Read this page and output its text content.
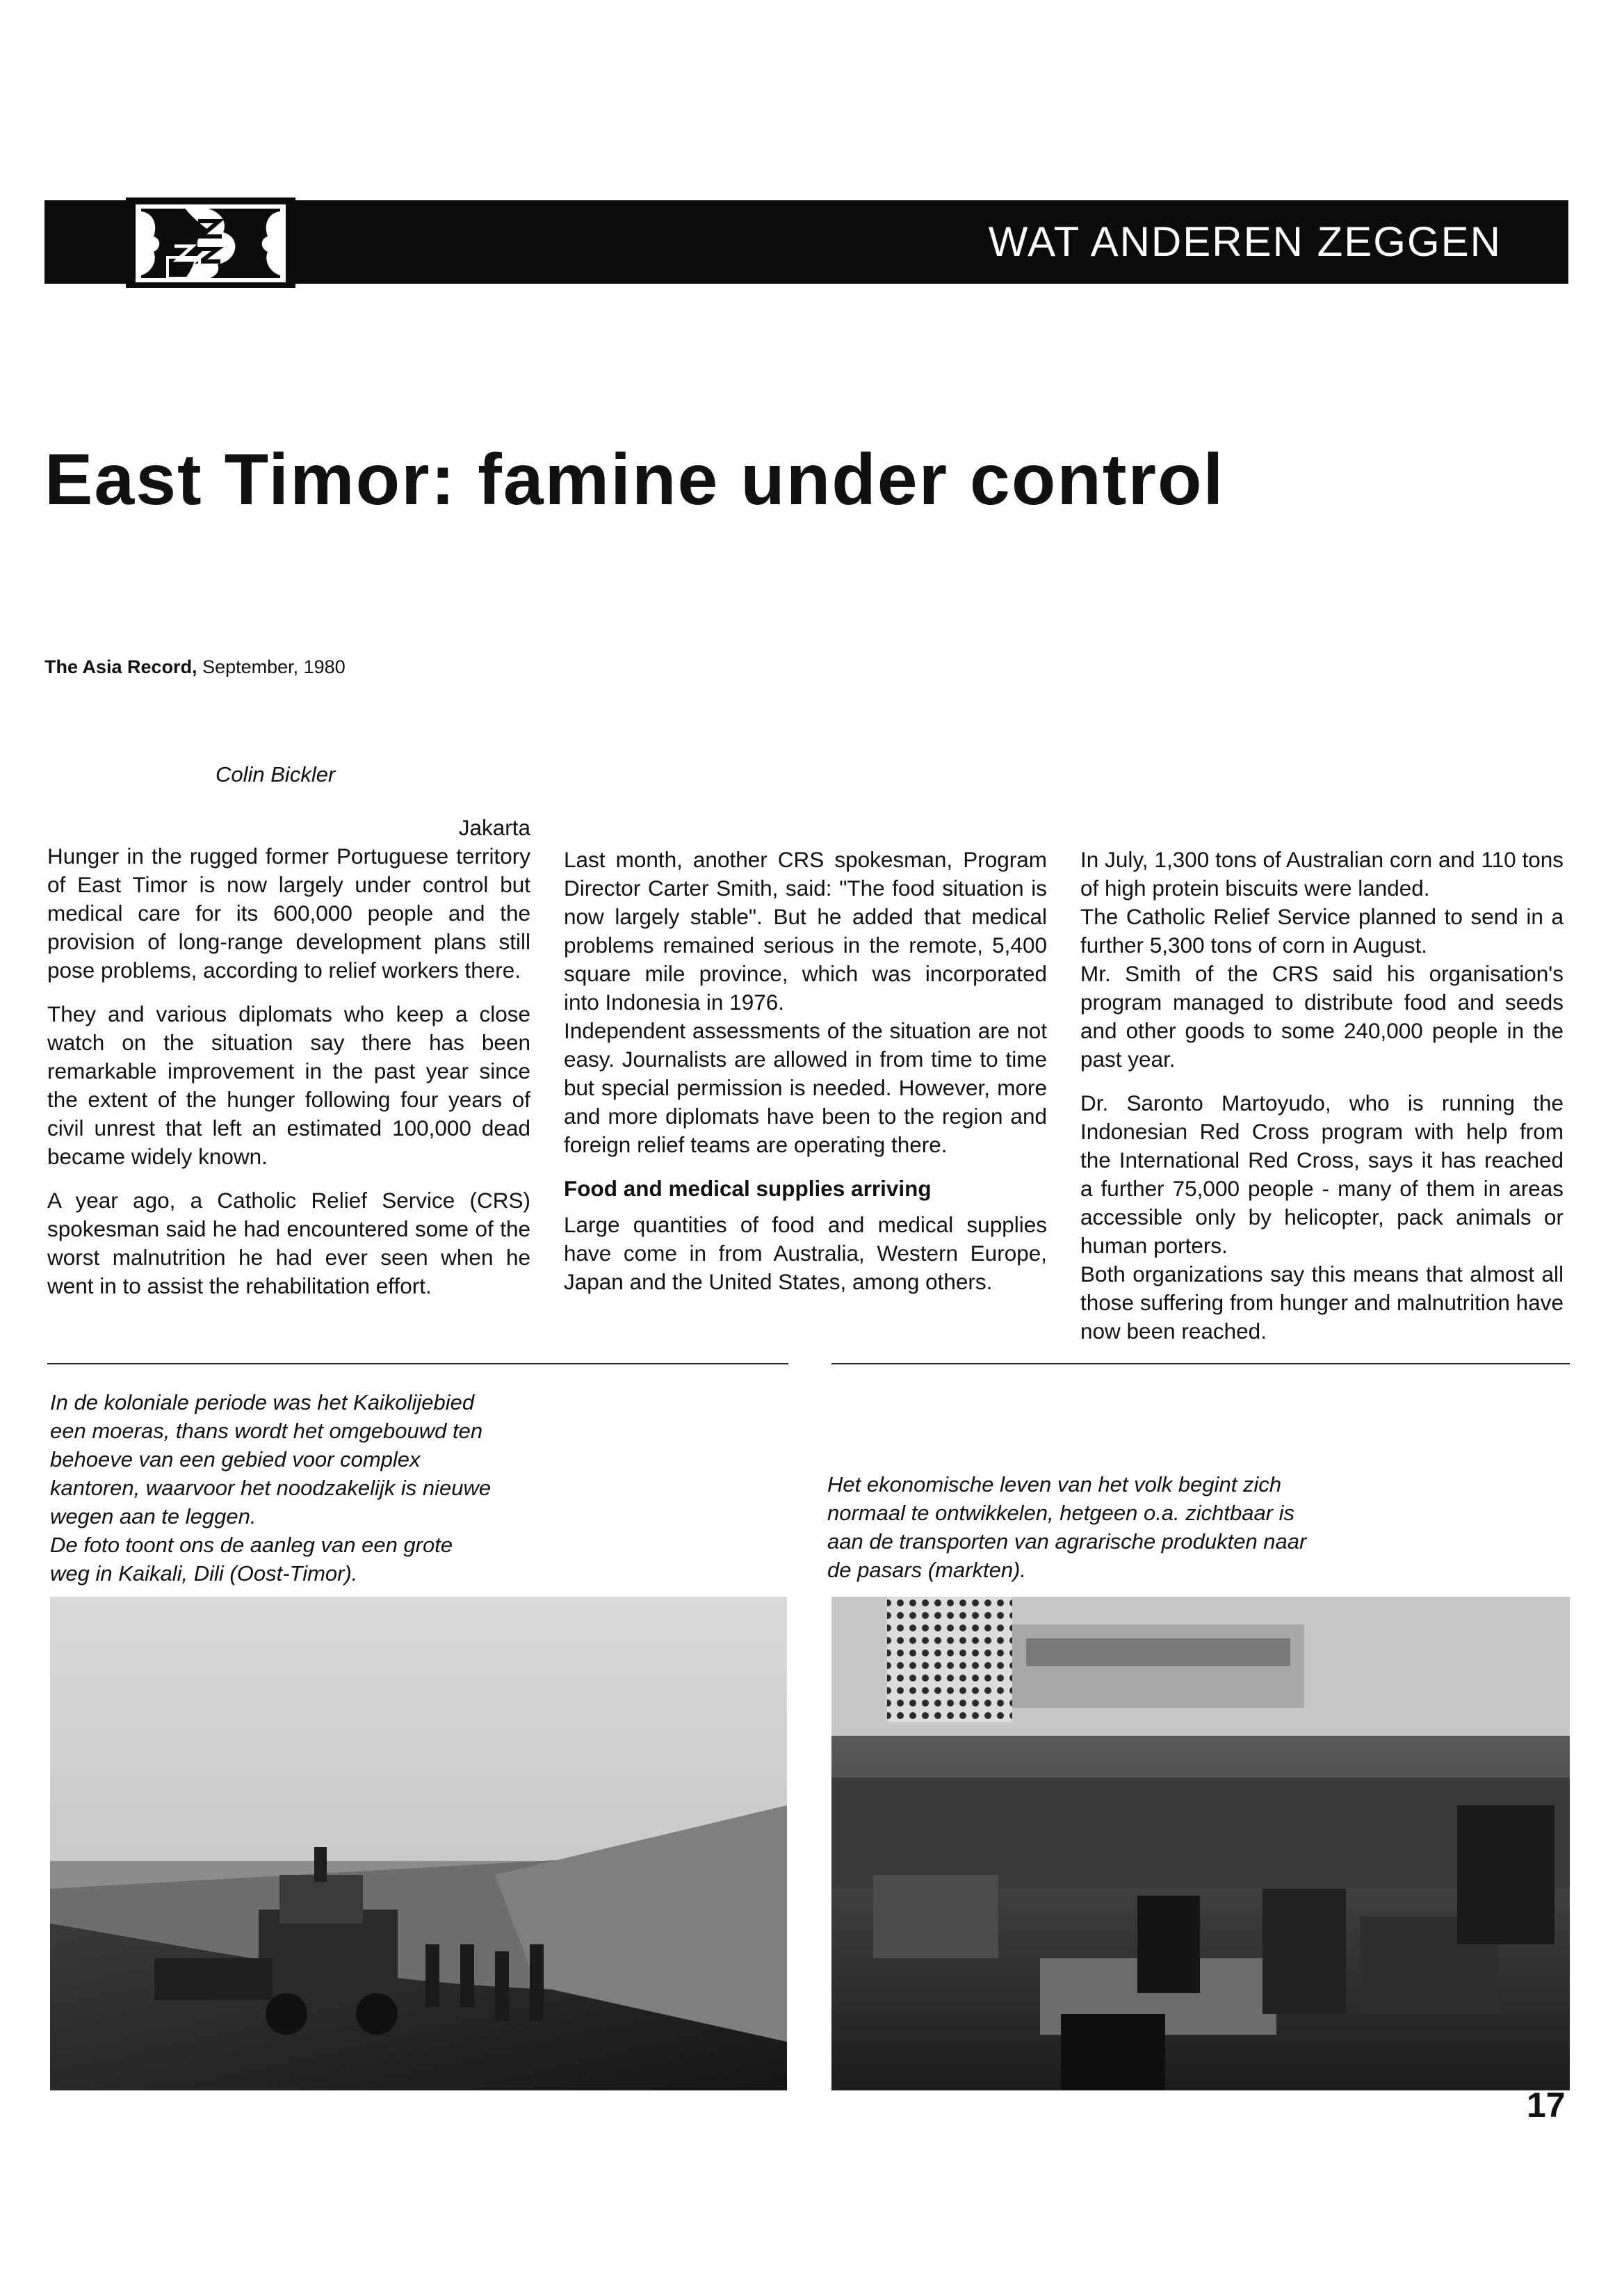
WAT ANDEREN ZEGGEN
East Timor: famine under control
The Asia Record, September, 1980
Colin Bickler
Jakarta

Hunger in the rugged former Portuguese territory of East Timor is now largely under control but medical care for its 600,000 people and the provision of long-range development plans still pose problems, according to relief workers there.

They and various diplomats who keep a close watch on the situation say there has been remarkable improvement in the past year since the extent of the hunger following four years of civil unrest that left an estimated 100,000 dead became widely known.

A year ago, a Catholic Relief Service (CRS) spokesman said he had encountered some of the worst malnutrition he had ever seen when he went in to assist the rehabilitation effort.

Last month, another CRS spokesman, Program Director Carter Smith, said: "The food situation is now largely stable". But he added that medical problems remained serious in the remote, 5,400 square mile province, which was incorporated into Indonesia in 1976.

Independent assessments of the situation are not easy. Journalists are allowed in from time to time but special permission is needed. However, more and more diplomats have been to the region and foreign relief teams are operating there.

Food and medical supplies arriving

Large quantities of food and medical supplies have come in from Australia, Western Europe, Japan and the United States, among others.

In July, 1,300 tons of Australian corn and 110 tons of high protein biscuits were landed.

The Catholic Relief Service planned to send in a further 5,300 tons of corn in August.

Mr. Smith of the CRS said his organisation's program managed to distribute food and seeds and other goods to some 240,000 people in the past year.

Dr. Saronto Martoyudo, who is running the Indonesian Red Cross program with help from the International Red Cross, says it has reached a further 75,000 people - many of them in areas accessible only by helicopter, pack animals or human porters.

Both organizations say this means that almost all those suffering from hunger and malnutrition have now been reached.

In de koloniale periode was het Kaikolijebied een moeras, thans wordt het omgebouwd ten behoeve van een gebied voor complex kantoren, waarvoor het noodzakelijk is nieuwe wegen aan te leggen.

De foto toont ons de aanleg van een grote weg in Kaikali, Dili (Oost-Timor).

Het ekonomische leven van het volk begint zich normaal te ontwikkelen, hetgeen o.a. zichtbaar is aan de transporten van agrarische produkten naar de pasars (markten).

17
